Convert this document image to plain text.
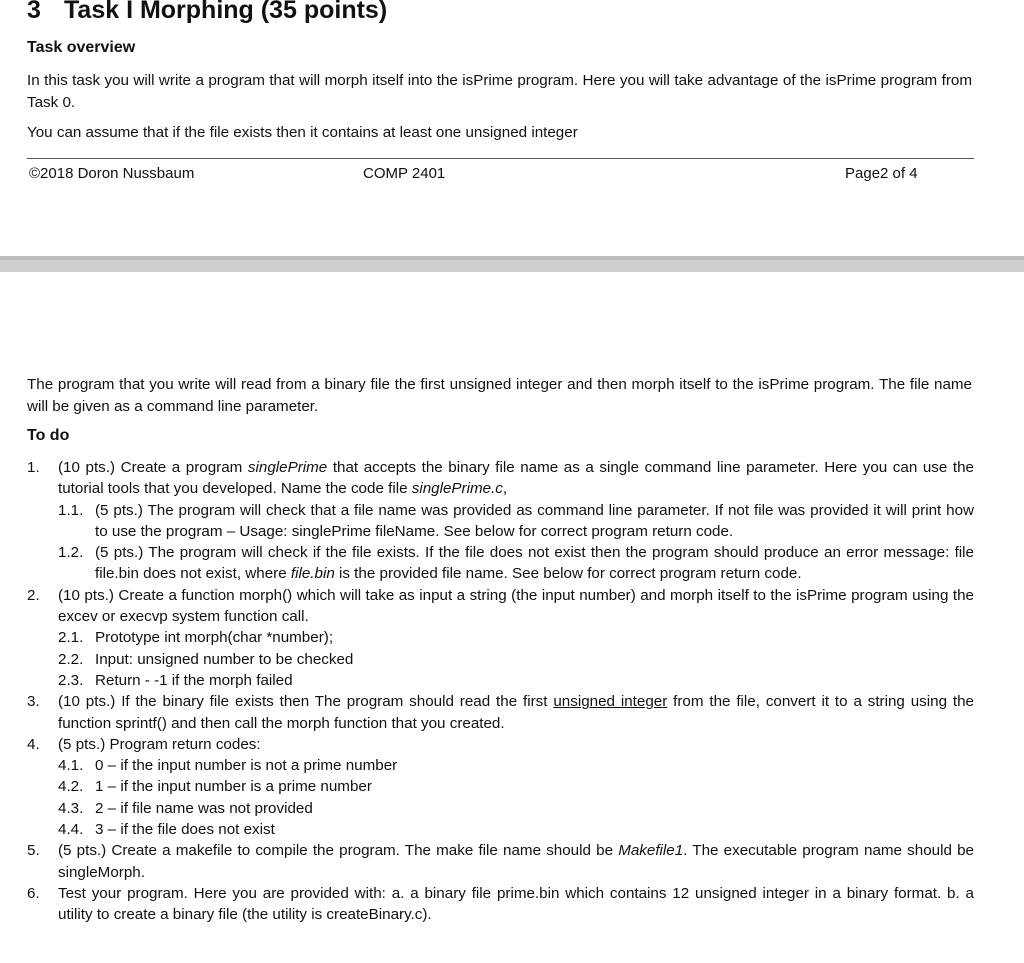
3 Task I Morphing (35 points)
Task overview

In this task you will write a program that will morph itself into the isPrime program. Here you will take advantage of the isPrime program from Task 0.

You can assume that if the file exists then it contains at least one unsigned integer

©2018 Doron Nussbaum	COMP 2401	Page2 of 4

The program that you write will read from a binary file the first unsigned integer and then morph itself to the isPrime program. The file name will be given as a command line parameter.

To do
1. (10 pts.) Create a program singlePrime that accepts the binary file name as a single command line parameter. Here you can use the tutorial tools that you developed. Name the code file singlePrime.c,
1.1. (5 pts.) The program will check that a file name was provided as command line parameter. If not file was provided it will print how to use the program – Usage: singlePrime fileName. See below for correct program return code.
1.2. (5 pts.) The program will check if the file exists. If the file does not exist then the program should produce an error message: file file.bin does not exist, where file.bin is the provided file name. See below for correct program return code.
2. (10 pts.) Create a function morph() which will take as input a string (the input number) and morph itself to the isPrime program using the excev or execvp system function call.
2.1. Prototype int morph(char *number);
2.2. Input: unsigned number to be checked
2.3. Return - -1 if the morph failed
3. (10 pts.) If the binary file exists then The program should read the first unsigned integer from the file, convert it to a string using the function sprintf() and then call the morph function that you created.
4. (5 pts.) Program return codes:
4.1. 0 – if the input number is not a prime number
4.2. 1 – if the input number is a prime number
4.3. 2 – if file name was not provided
4.4. 3 – if the file does not exist
5. (5 pts.) Create a makefile to compile the program. The make file name should be Makefile1. The executable program name should be singleMorph.
6. Test your program. Here you are provided with: a. a binary file prime.bin which contains 12 unsigned integer in a binary format. b. a utility to create a binary file (the utility is createBinary.c).
